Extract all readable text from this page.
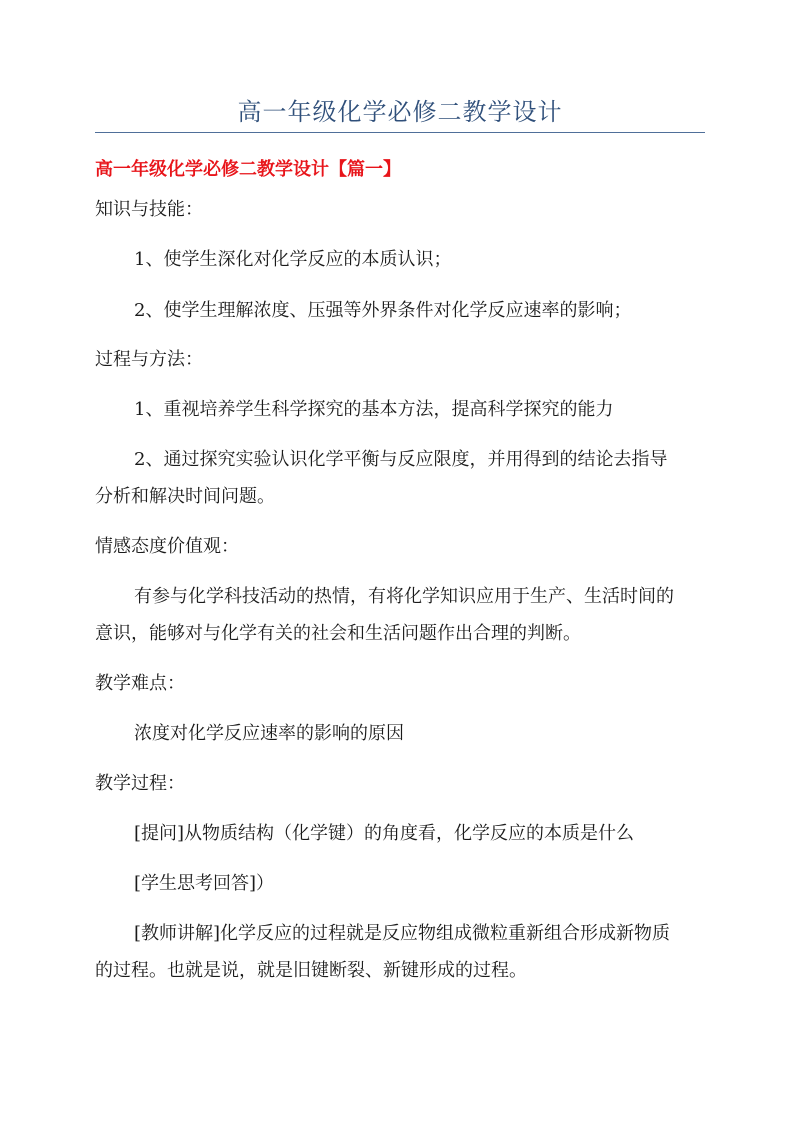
高一年级化学必修二教学设计
高一年级化学必修二教学设计【篇一】

知识与技能：

1、使学生深化对化学反应的本质认识；

2、使学生理解浓度、压强等外界条件对化学反应速率的影响；

过程与方法：

1、重视培养学生科学探究的基本方法，提高科学探究的能力

2、通过探究实验认识化学平衡与反应限度，并用得到的结论去指导

分析和解决时间问题。

情感态度价值观：

有参与化学科技活动的热情，有将化学知识应用于生产、生活时间的

意识，能够对与化学有关的社会和生活问题作出合理的判断。

教学难点：

浓度对化学反应速率的影响的原因

教学过程：

[提问]从物质结构（化学键）的角度看，化学反应的本质是什么

[学生思考回答]）

[教师讲解]化学反应的过程就是反应物组成微粒重新组合形成新物质

的过程。也就是说，就是旧键断裂、新键形成的过程。
